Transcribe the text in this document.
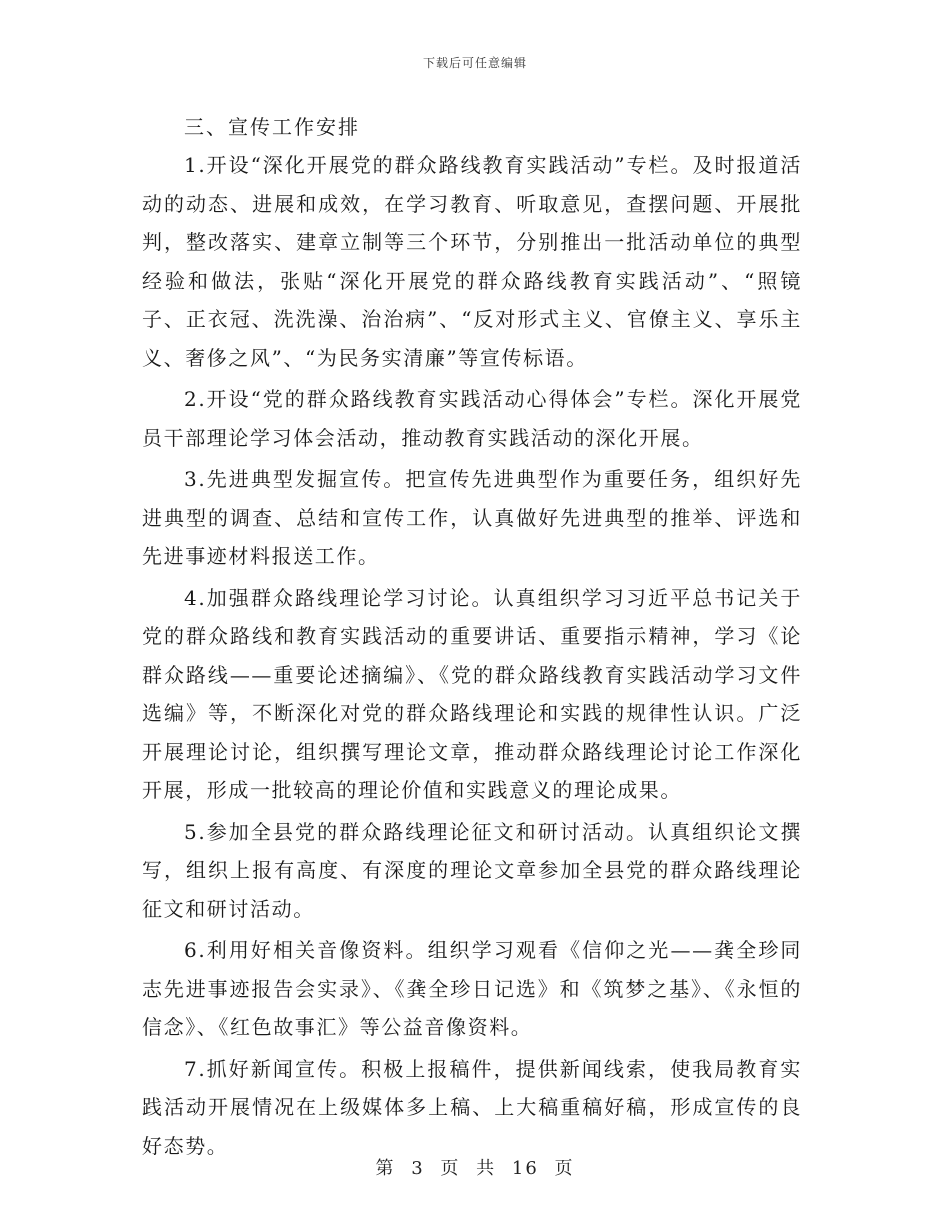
下载后可任意编辑

三、宣传工作安排

1.开设“深化开展党的群众路线教育实践活动”专栏。及时报道活动的动态、进展和成效，在学习教育、听取意见，查摆问题、开展批判，整改落实、建章立制等三个环节，分别推出一批活动单位的典型经验和做法，张贴“深化开展党的群众路线教育实践活动”、“照镜子、正衣冠、洗洗澡、治治病”、“反对形式主义、官僚主义、享乐主义、奢侈之风”、“为民务实清廉”等宣传标语。

2.开设“党的群众路线教育实践活动心得体会”专栏。深化开展党员干部理论学习体会活动，推动教育实践活动的深化开展。

3.先进典型发掘宣传。把宣传先进典型作为重要任务，组织好先进典型的调查、总结和宣传工作，认真做好先进典型的推举、评选和先进事迹材料报送工作。

4.加强群众路线理论学习讨论。认真组织学习习近平总书记关于党的群众路线和教育实践活动的重要讲话、重要指示精神，学习《论群众路线——重要论述摘编》、《党的群众路线教育实践活动学习文件选编》等，不断深化对党的群众路线理论和实践的规律性认识。广泛开展理论讨论，组织撰写理论文章，推动群众路线理论讨论工作深化开展，形成一批较高的理论价值和实践意义的理论成果。

5.参加全县党的群众路线理论征文和研讨活动。认真组织论文撰写，组织上报有高度、有深度的理论文章参加全县党的群众路线理论征文和研讨活动。

6.利用好相关音像资料。组织学习观看《信仰之光——龚全珍同志先进事迹报告会实录》、《龚全珍日记选》和《筑梦之基》、《永恒的信念》、《红色故事汇》等公益音像资料。

7.抓好新闻宣传。积极上报稿件，提供新闻线索，使我局教育实践活动开展情况在上级媒体多上稿、上大稿重稿好稿，形成宣传的良好态势。

第 3 页 共 16 页
